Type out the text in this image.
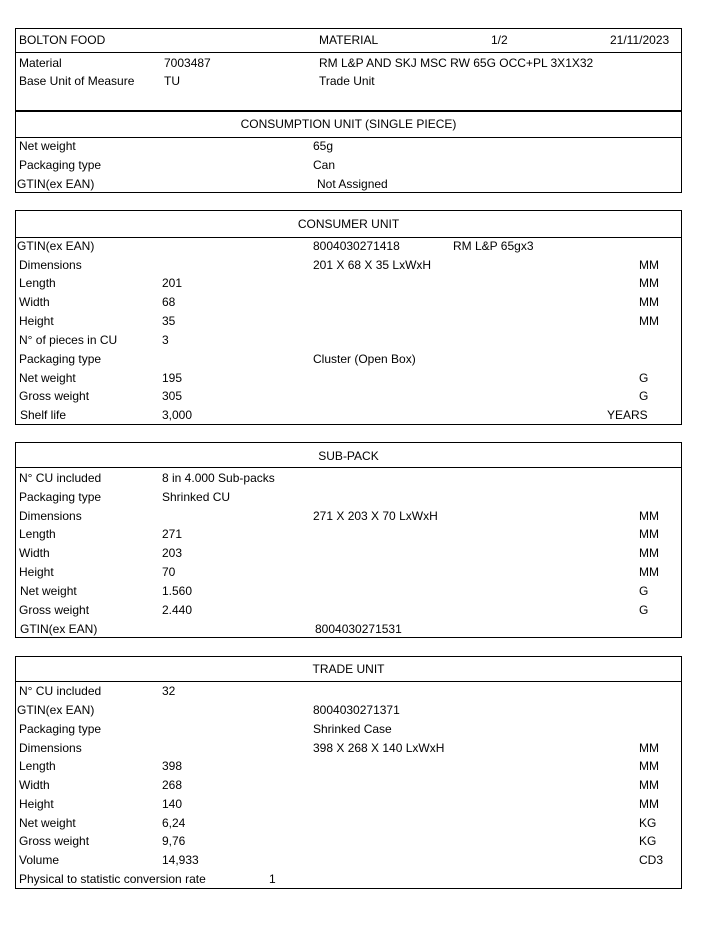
BOLTON FOOD	MATERIAL	1/2	21/11/2023
Material	7003487	RM L&P AND SKJ MSC RW 65G OCC+PL 3X1X32
Base Unit of Measure TU	Trade Unit
CONSUMPTION UNIT (SINGLE PIECE)
Net weight	65g
Packaging type	Can
GTIN(ex EAN)	Not Assigned
CONSUMER UNIT
GTIN(ex EAN)	8004030271418	RM L&P 65gx3
Dimensions	201 X 68 X 35 LxWxH	MM
Length	201	MM
Width	68	MM
Height	35	MM
N° of pieces in CU	3
Packaging type	Cluster (Open Box)
Net weight	195	G
Gross weight	305	G
Shelf life	3,000	YEARS
SUB-PACK
N° CU included	8 in 4.000 Sub-packs
Packaging type	Shrinked CU
Dimensions	271 X 203 X 70 LxWxH	MM
Length	271	MM
Width	203	MM
Height	70	MM
Net weight	1.560	G
Gross weight	2.440	G
GTIN(ex EAN)	8004030271531
TRADE UNIT
N° CU included	32
GTIN(ex EAN)	8004030271371
Packaging type	Shrinked Case
Dimensions	398 X 268 X 140 LxWxH	MM
Length	398	MM
Width	268	MM
Height	140	MM
Net weight	6,24	KG
Gross weight	9,76	KG
Volume	14,933	CD3
Physical to statistic conversion rate	1
